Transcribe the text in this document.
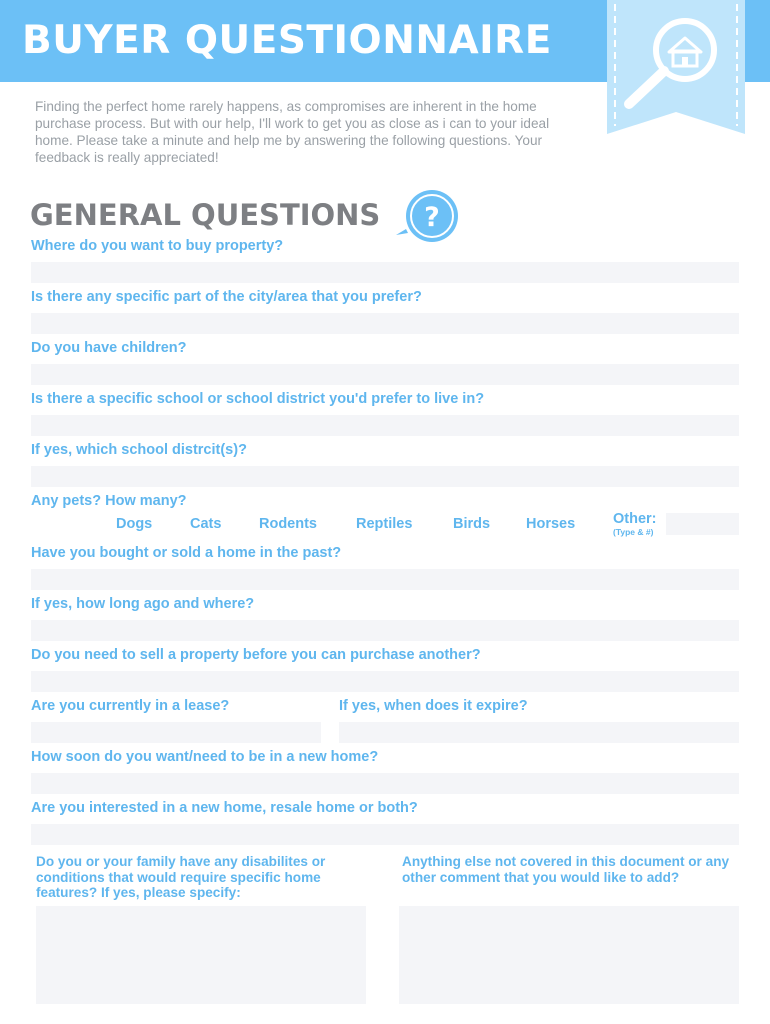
BUYER QUESTIONNAIRE
Finding the perfect home rarely happens, as compromises are inherent in the home purchase process. But with our help, I'll work to get you as close as i can to your ideal home. Please take a minute and help me by answering the following questions. Your feedback is really appreciated!
GENERAL QUESTIONS ?
Where do you want to buy property?
Is there any specific part of the city/area that you prefer?
Do you have children?
Is there a specific school or school district you'd prefer to live in?
If yes, which school distrcit(s)?
Any pets? How many?
Dogs	Cats	Rodents	Reptiles	Birds Horses	Other:
(Type & #)
Have you bought or sold a home in the past?
If yes, how long ago and where?
Do you need to sell a property before you can purchase another?
Are you currently in a lease?	If yes, when does it expire?
How soon do you want/need to be in a new home?
Are you interested in a new home, resale home or both?
Do you or your family have any disabilites or conditions that would require specific home features? If yes, please specify:
Anything else not covered in this document or any other comment that you would like to add?
